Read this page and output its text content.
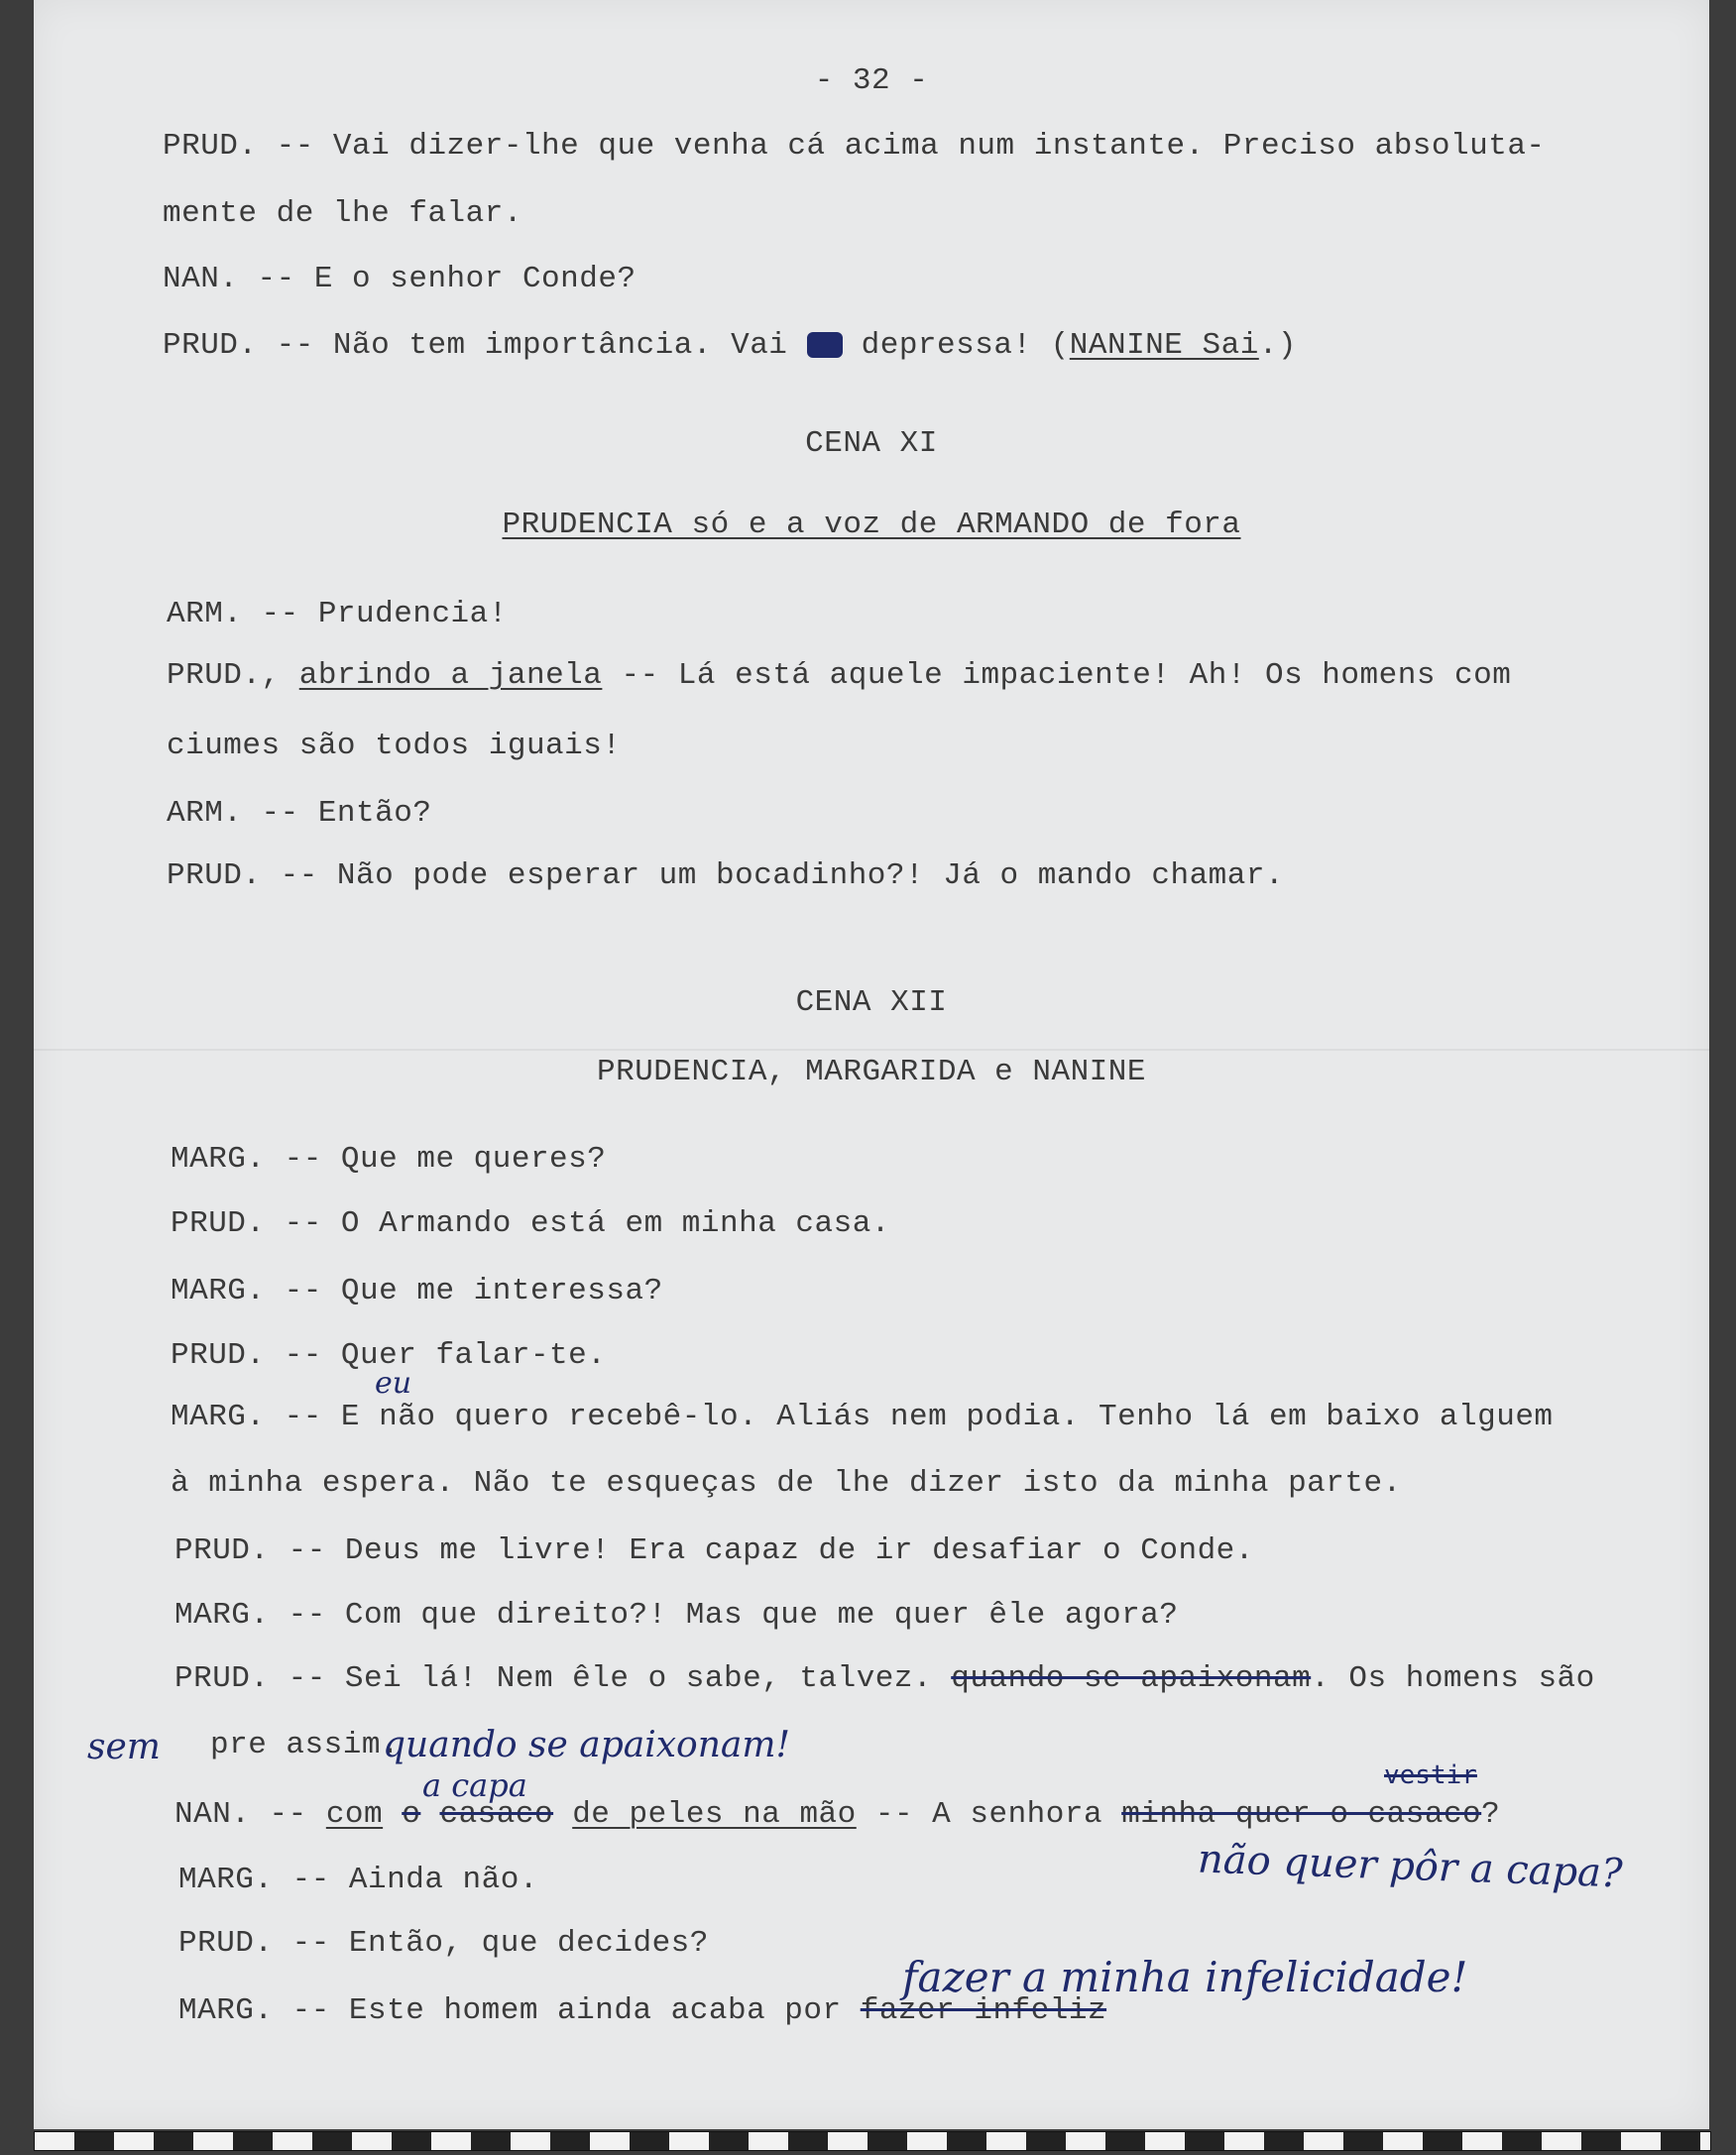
- 32 -
PRUD. -- Vai dizer-lhe que venha cá acima num instante. Preciso absoluta-
mente de lhe falar.
NAN. -- E o senhor Conde?
PRUD. -- Não tem importância. Vai  depressa! (NANINE Sai.)
CENA XI
PRUDENCIA só e a voz de ARMANDO de fora
ARM. -- Prudencia!
PRUD., abrindo a janela -- Lá está aquele impaciente! Ah! Os homens com
ciumes são todos iguais!
ARM. -- Então?
PRUD. -- Não pode esperar um bocadinho?! Já o mando chamar.
CENA XII
PRUDENCIA, MARGARIDA e NANINE
MARG. -- Que me queres?
PRUD. -- O Armando está em minha casa.
MARG. -- Que me interessa?
PRUD. -- Quer falar-te.
MARG. -- E não quero recebê-lo. Aliás nem podia. Tenho lá em baixo alguem
à minha espera. Não te esqueças de lhe dizer isto da minha parte.
PRUD. -- Deus me livre! Era capaz de ir desafiar o Conde.
MARG. -- Com que direito?! Mas que me quer êle agora?
PRUD. -- Sei lá! Nem êle o sabe, talvez. quando se apaixonam. Os homens são
pre assim.
NAN. -- com o casaco de peles na mão -- A senhora minha quer o casaco?
MARG. -- Ainda não.
PRUD. -- Então, que decides?
MARG. -- Este homem ainda acaba por fazer infeliz
eu
sem	quando se apaixonam!
a capa	vestir
não quer pôr a capa?
fazer a minha infelicidade!
